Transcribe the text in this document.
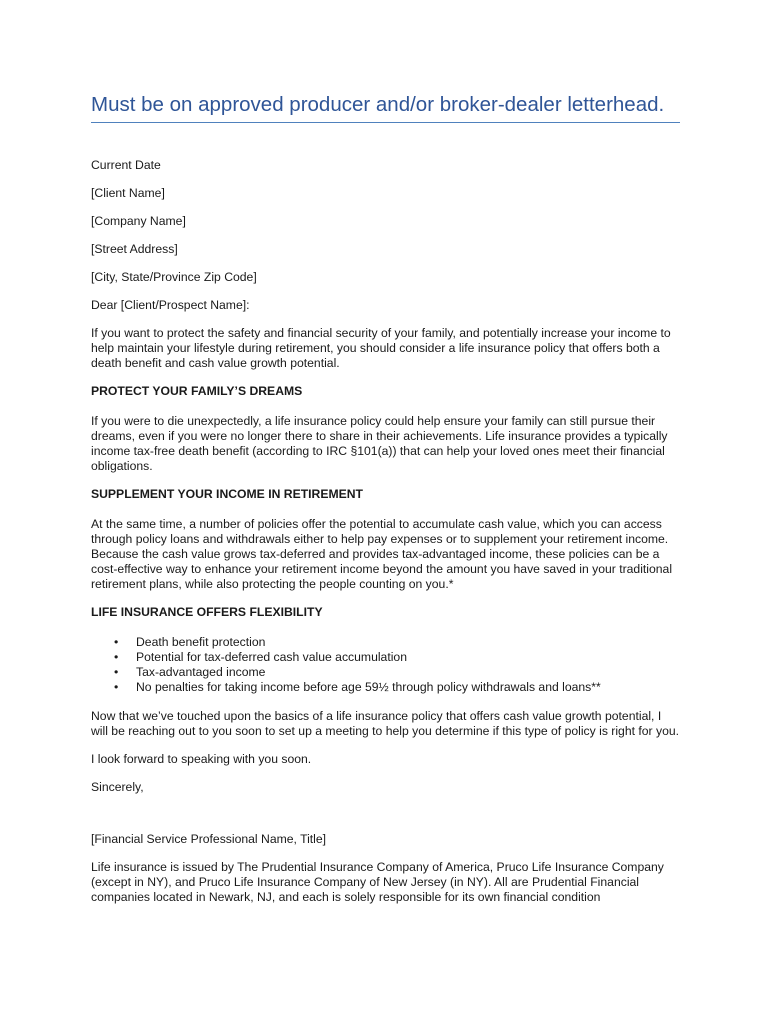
Must be on approved producer and/or broker-dealer letterhead.
Current Date
[Client Name]
[Company Name]
[Street Address]
[City, State/Province Zip Code]
Dear [Client/Prospect Name]:
If you want to protect the safety and financial security of your family, and potentially increase your income to help maintain your lifestyle during retirement, you should consider a life insurance policy that offers both a death benefit and cash value growth potential.
PROTECT YOUR FAMILY’S DREAMS
If you were to die unexpectedly, a life insurance policy could help ensure your family can still pursue their dreams, even if you were no longer there to share in their achievements. Life insurance provides a typically income tax-free death benefit (according to IRC §101(a)) that can help your loved ones meet their financial obligations.
SUPPLEMENT YOUR INCOME IN RETIREMENT
At the same time, a number of policies offer the potential to accumulate cash value, which you can access through policy loans and withdrawals either to help pay expenses or to supplement your retirement income. Because the cash value grows tax-deferred and provides tax-advantaged income, these policies can be a cost-effective way to enhance your retirement income beyond the amount you have saved in your traditional retirement plans, while also protecting the people counting on you.*
LIFE INSURANCE OFFERS FLEXIBILITY
• Death benefit protection
• Potential for tax-deferred cash value accumulation
• Tax-advantaged income
• No penalties for taking income before age 59½ through policy withdrawals and loans**
Now that we’ve touched upon the basics of a life insurance policy that offers cash value growth potential, I will be reaching out to you soon to set up a meeting to help you determine if this type of policy is right for you.
I look forward to speaking with you soon.
Sincerely,
[Financial Service Professional Name, Title]
Life insurance is issued by The Prudential Insurance Company of America, Pruco Life Insurance Company (except in NY), and Pruco Life Insurance Company of New Jersey (in NY). All are Prudential Financial companies located in Newark, NJ, and each is solely responsible for its own financial condition
